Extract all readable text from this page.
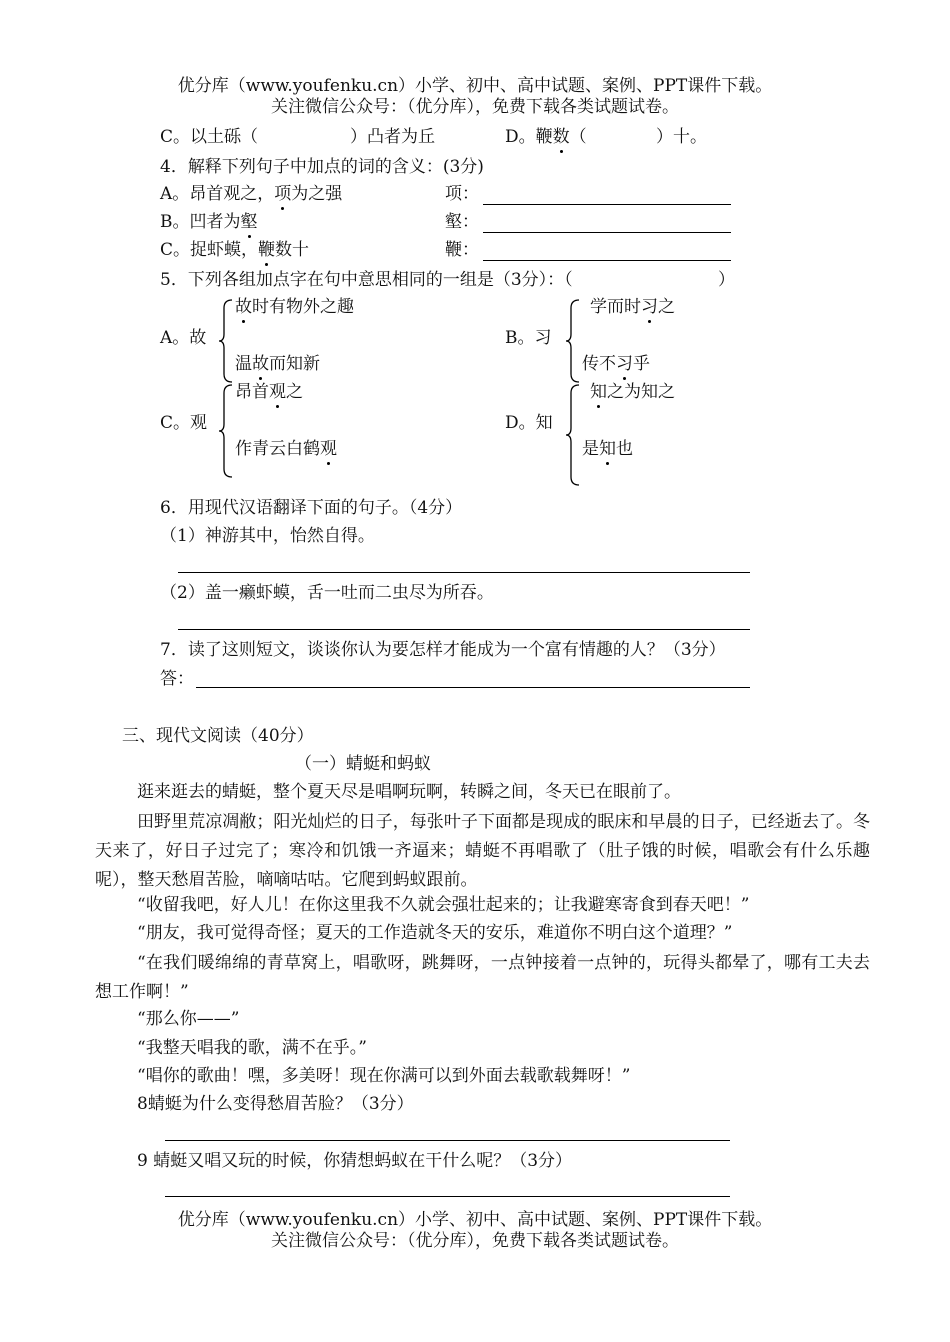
优分库（www.youfenku.cn）小学、初中、高中试题、案例、PPT课件下载。
关注微信公众号：（优分库），免费下载各类试题试卷。
C。以土砾（	）凸者为丘	D。鞭数（	）十。
4．解释下列句子中加点的词的含义：(3分)
A。昂首观之，项为之强	项：
B。凹者为壑	壑：
C。捉虾蟆，鞭数十	鞭：
5．下列各组加点字在句中意思相同的一组是（3分）：（	）
A。故
故时有物外之趣
温故而知新
B。习
学而时习之
传不习乎
C。观
昂首观之
作青云白鹤观
D。知
知之为知之
是知也
6．用现代汉语翻译下面的句子。（4分）
（1）神游其中，怡然自得。
（2）盖一癞虾蟆，舌一吐而二虫尽为所吞。
7．读了这则短文，谈谈你认为要怎样才能成为一个富有情趣的人？（3分）
答：
三、现代文阅读（40分）
（一）蜻蜓和蚂蚁
逛来逛去的蜻蜓，整个夏天尽是唱啊玩啊，转瞬之间，冬天已在眼前了。
田野里荒凉凋敝；阳光灿烂的日子，每张叶子下面都是现成的眠床和早晨的日子，已经逝去了。冬天来了，好日子过完了；寒冷和饥饿一齐逼来；蜻蜓不再唱歌了（肚子饿的时候，唱歌会有什么乐趣呢），整天愁眉苦脸，嘀嘀咕咕。它爬到蚂蚁跟前。
“收留我吧，好人儿！在你这里我不久就会强壮起来的；让我避寒寄食到春天吧！”
“朋友，我可觉得奇怪；夏天的工作造就冬天的安乐，难道你不明白这个道理？”
“在我们暖绵绵的青草窝上，唱歌呀，跳舞呀，一点钟接着一点钟的，玩得头都晕了，哪有工夫去想工作啊！”
“那么你——”
“我整天唱我的歌，满不在乎。”
“唱你的歌曲！嘿，多美呀！现在你满可以到外面去载歌载舞呀！”
8蜻蜓为什么变得愁眉苦脸？（3分）
9 蜻蜓又唱又玩的时候，你猜想蚂蚁在干什么呢？（3分）
优分库（www.youfenku.cn）小学、初中、高中试题、案例、PPT课件下载。
关注微信公众号：（优分库），免费下载各类试题试卷。
